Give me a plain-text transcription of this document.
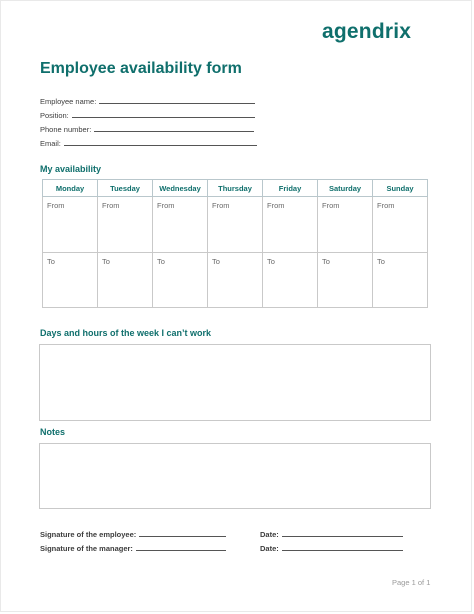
agendrix
Employee availability form
Employee name:
Position:
Phone number:
Email:
My availability
Monday	Tuesday	Wednesday	Thursday	Friday	Saturday	Sunday
From	From	From	From	From	From	From
To	To	To	To	To	To	To
Days and hours of the week I can’t work
Notes
Signature of the employee:	Date:
Signature of the manager:	Date:
Page 1 of 1
